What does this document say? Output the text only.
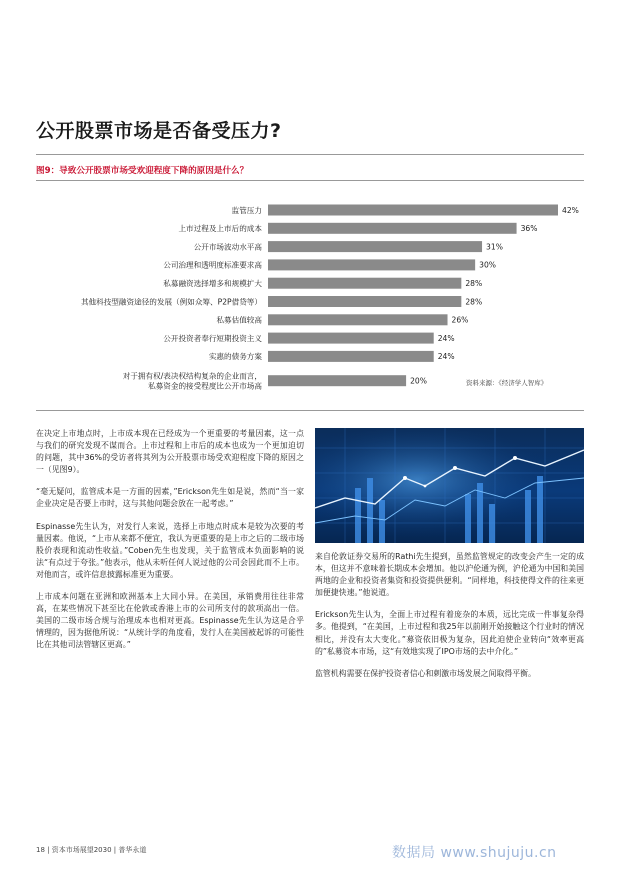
公开股票市场是否备受压力?
图9：导致公开股票市场受欢迎程度下降的原因是什么？
42%
监管压力
36%
上市过程及上市后的成本
31%
公开市场波动水平高
30%
公司治理和透明度标准要求高
28%
私募融资选择增多和规模扩大
28%
其他科技型融资途径的发展（例如众筹、P2P借贷等）
26%
私募估值较高
24%
公开投资者奉行短期投资主义
24%
实惠的债务方案
20%
对于拥有权/表决权结构复杂的企业而言，
私募资金的接受程度比公开市场高	资料来源：《经济学人智库》

在决定上市地点时，上市成本现在已经成为一个更重要的考量因素，这一点与我们的研究发现不谋而合。上市过程和上市后的成本也成为一个更加迫切的问题，其中36%的受访者将其列为公开股票市场受欢迎程度下降的原因之一（见图9）。

“毫无疑问，监管成本是一方面的因素，”Erickson先生如是说，然而“当一家企业决定是否要上市时，这与其他问题会放在一起考虑。”

Espinasse先生认为，对发行人来说，选择上市地点时成本是较为次要的考量因素。他说，“上市从来都不便宜，我认为更重要的是上市之后的二级市场股价表现和流动性收益。”Coben先生也发现，关于监管成本负面影响的说法“有点过于夸张。”他表示，他从未听任何人说过他的公司会因此而不上市。对他而言，或许信息披露标准更为重要。

上市成本问题在亚洲和欧洲基本上大同小异。在美国，承销费用往往非常高，在某些情况下甚至比在伦敦或香港上市的公司所支付的款项高出一倍。美国的二级市场合规与治理成本也相对更高。Espinasse先生认为这是合乎情理的，因为据他所说：“从统计学的角度看，发行人在美国被起诉的可能性比在其他司法管辖区更高。”

来自伦敦证券交易所的Rathi先生提到，虽然监管规定的改变会产生一定的成本，但这并不意味着长期成本会增加。他以沪伦通为例，沪伦通为中国和美国两地的企业和投资者集资和投资提供便利。“同样地，科技使得文件的往来更加便捷快速。”他说道。

Erickson先生认为，全面上市过程有着庞杂的本质，远比完成一件事复杂得多。他提到，“在美国，上市过程和我25年以前刚开始接触这个行业时的情况相比，并没有太大变化。”募资依旧极为复杂，因此迫使企业转向“效率更高的”私募资本市场，这“有效地实现了IPO市场的去中介化。”

监管机构需要在保护投资者信心和刺激市场发展之间取得平衡。

18 | 资本市场展望2030 | 普华永道	数据局 www.shujuju.cn
